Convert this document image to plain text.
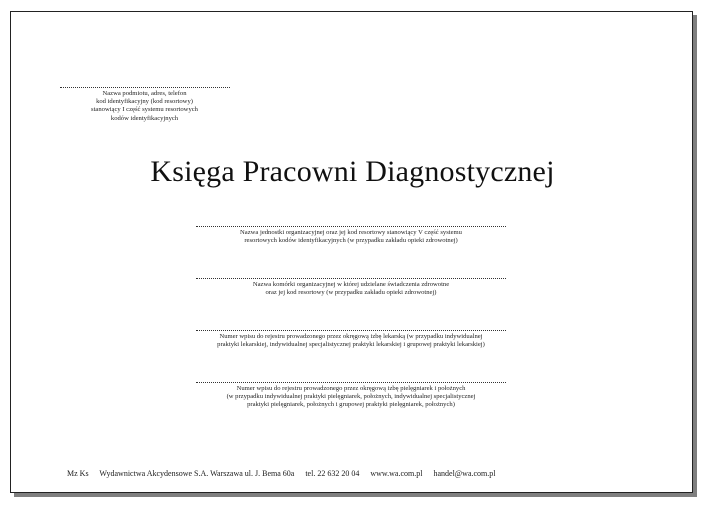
Nazwa podmiotu, adres, telefon
kod identyfikacyjny (kod resortowy)
stanowiący I część systemu resortowych
kodów identyfikacyjnych
Księga Pracowni Diagnostycznej
Nazwa jednostki organizacyjnej oraz jej kod resortowy stanowiący V część systemu
resortowych kodów identyfikacyjnych (w przypadku zakładu opieki zdrowotnej)
Nazwa komórki organizacyjnej w której udzielane świadczenia zdrowotne
oraz jej kod resortowy (w przypadku zakładu opieki zdrowotnej)
Numer wpisu do rejestru prowadzonego przez okręgową izbę lekarską (w przypadku indywidualnej
praktyki lekarskiej, indywidualnej specjalistycznej praktyki lekarskiej i grupowej praktyki lekarskiej)
Numer wpisu do rejestru prowadzonego przez okręgową izbę pielęgniarek i położnych
(w przypadku indywidualnej praktyki pielęgniarek, położnych, indywidualnej specjalistycznej
praktyki pielęgniarek, położnych i grupowej praktyki pielęgniarek, położnych)
Mz Ks Wydawnictwa Akcydensowe S.A. Warszawa ul. J. Bema 60a tel. 22 632 20 04 www.wa.com.pl handel@wa.com.pl
